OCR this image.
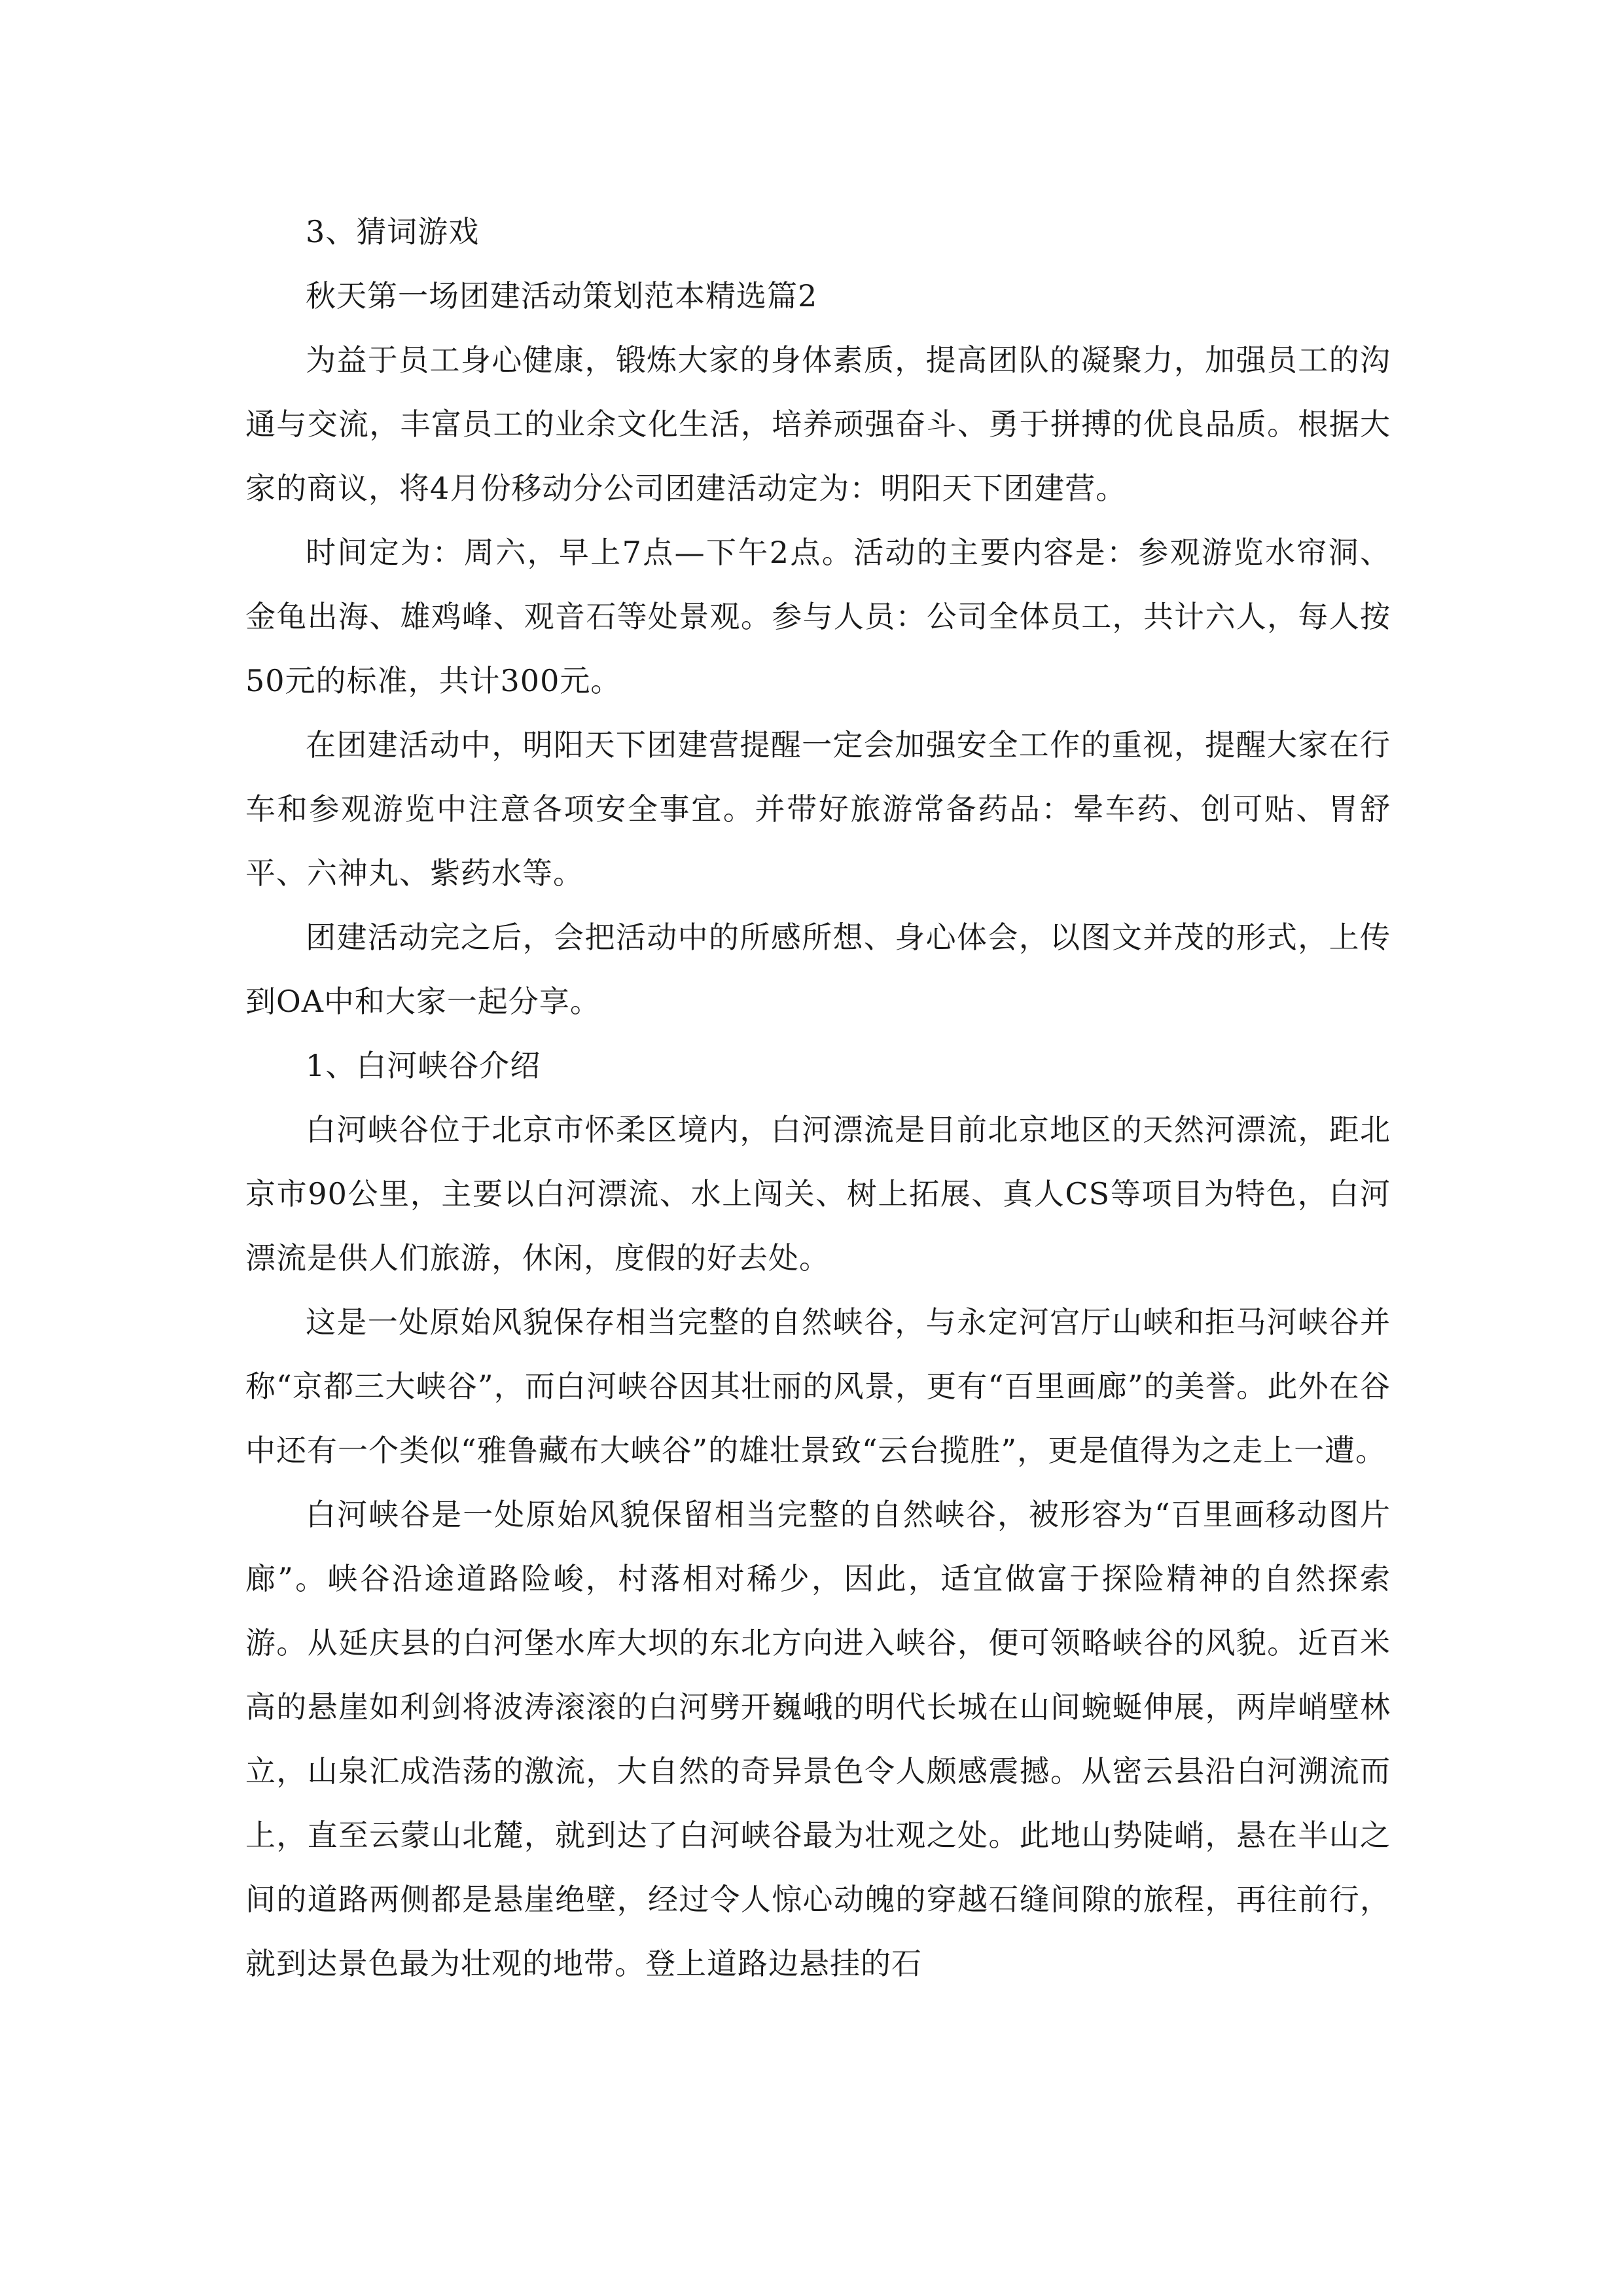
3、猜词游戏

秋天第一场团建活动策划范本精选篇2

为益于员工身心健康，锻炼大家的身体素质，提高团队的凝聚力，加强员工的沟通与交流，丰富员工的业余文化生活，培养顽强奋斗、勇于拼搏的优良品质。根据大家的商议，将4月份移动分公司团建活动定为：明阳天下团建营。

时间定为：周六，早上7点—下午2点。活动的主要内容是：参观游览水帘洞、金龟出海、雄鸡峰、观音石等处景观。参与人员：公司全体员工，共计六人，每人按50元的标准，共计300元。

在团建活动中，明阳天下团建营提醒一定会加强安全工作的重视，提醒大家在行车和参观游览中注意各项安全事宜。并带好旅游常备药品：晕车药、创可贴、胃舒平、六神丸、紫药水等。

团建活动完之后，会把活动中的所感所想、身心体会，以图文并茂的形式，上传到OA中和大家一起分享。

1、白河峡谷介绍

白河峡谷位于北京市怀柔区境内，白河漂流是目前北京地区的天然河漂流，距北京市90公里，主要以白河漂流、水上闯关、树上拓展、真人CS等项目为特色，白河漂流是供人们旅游，休闲，度假的好去处。

这是一处原始风貌保存相当完整的自然峡谷，与永定河宫厅山峡和拒马河峡谷并称“京都三大峡谷”，而白河峡谷因其壮丽的风景，更有“百里画廊”的美誉。此外在谷中还有一个类似“雅鲁藏布大峡谷”的雄壮景致“云台揽胜”，更是值得为之走上一遭。

白河峡谷是一处原始风貌保留相当完整的自然峡谷，被形容为“百里画移动图片廊”。峡谷沿途道路险峻，村落相对稀少，因此，适宜做富于探险精神的自然探索游。从延庆县的白河堡水库大坝的东北方向进入峡谷，便可领略峡谷的风貌。近百米高的悬崖如利剑将波涛滚滚的白河劈开巍峨的明代长城在山间蜿蜒伸展，两岸峭壁林立，山泉汇成浩荡的激流，大自然的奇异景色令人颇感震撼。从密云县沿白河溯流而上，直至云蒙山北麓，就到达了白河峡谷最为壮观之处。此地山势陡峭，悬在半山之间的道路两侧都是悬崖绝壁，经过令人惊心动魄的穿越石缝间隙的旅程，再往前行，就到达景色最为壮观的地带。登上道路边悬挂的石
